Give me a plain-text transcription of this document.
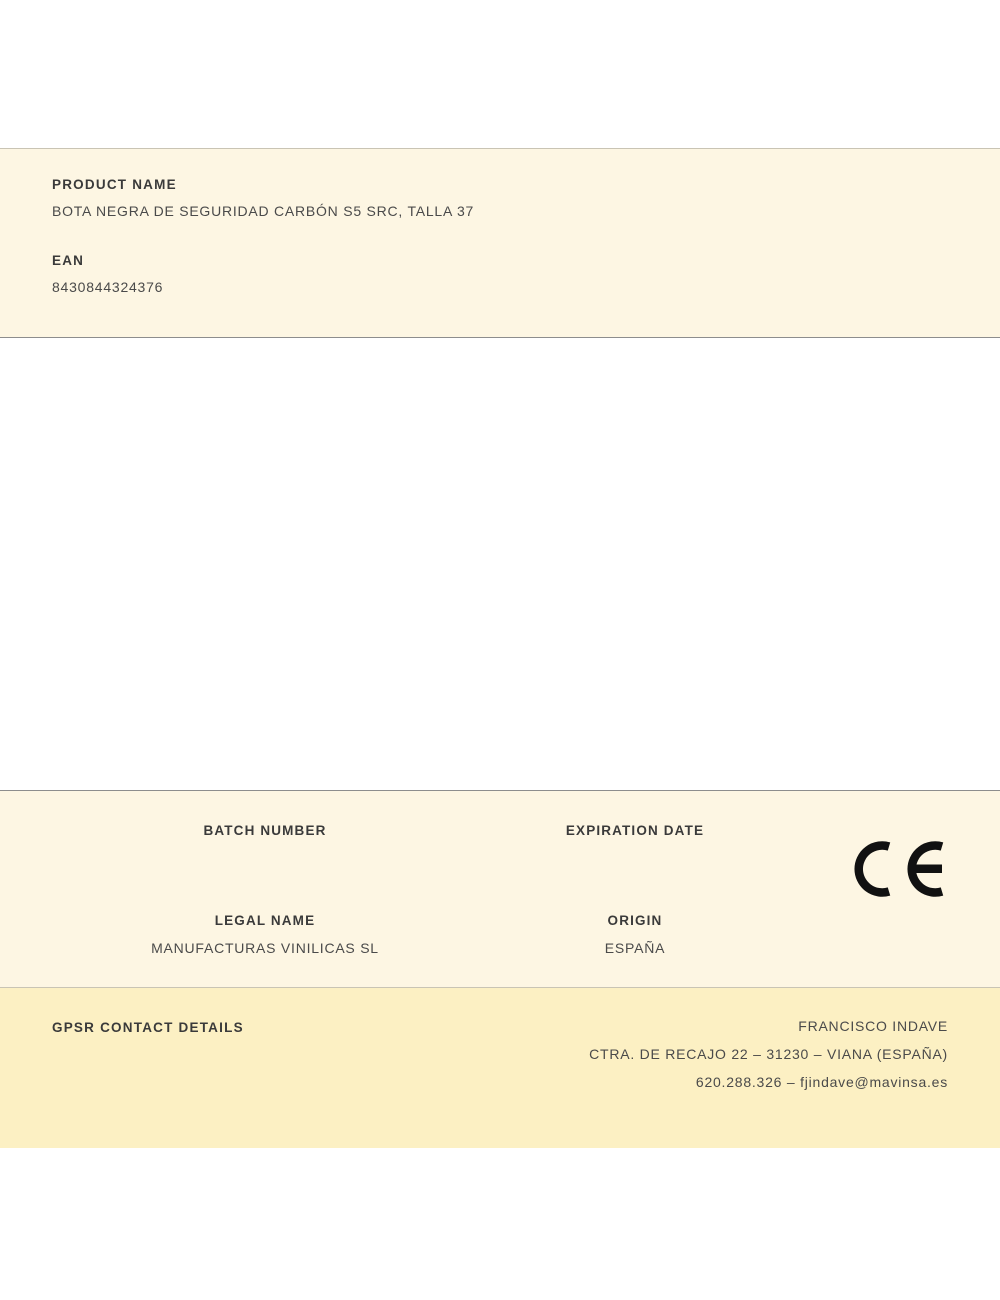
PRODUCT NAME

BOTA NEGRA DE SEGURIDAD CARBÓN S5 SRC, TALLA 37

EAN

8430844324376

BATCH NUMBER	EXPIRATION DATE

LEGAL NAME

MANUFACTURAS VINILICAS SL

ORIGIN

ESPAÑA

GPSR CONTACT DETAILS	FRANCISCO INDAVE

CTRA. DE RECAJO 22 – 31230 – VIANA (ESPAÑA)

620.288.326 – fjindave@mavinsa.es
